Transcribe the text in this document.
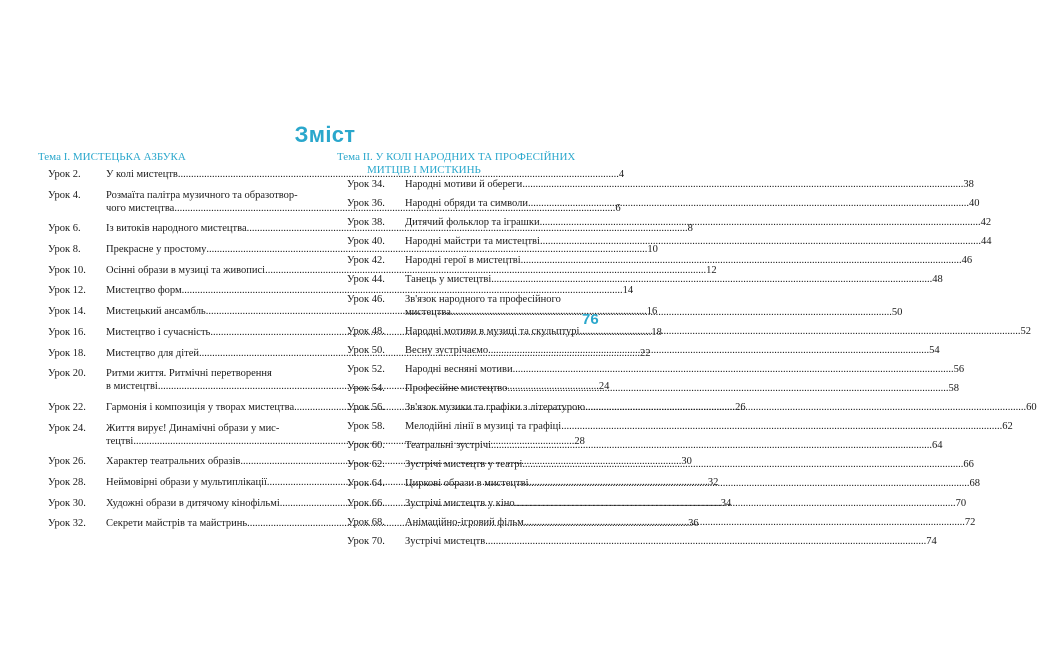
Зміст
Тема І. МИСТЕЦЬКА АЗБУКА	Тема ІІ. У КОЛІ НАРОДНИХ ТА ПРОФЕСІЙНИХ
МИТЦІВ І МИСТКИНЬ
Урок 2.	У колі мистецтв .....	4
Урок 4.	Розмаїта палітра музичного та образотвор-
чого мистецтва .....	6
Урок 6.	Із витоків народного мистецтва .....	8
Урок 8.	Прекрасне у простому .....	10
Урок 10.	Осінні образи в музиці та живописі .....	12
Урок 12.	Мистецтво форм .....	14
Урок 14.	Мистецький ансамбль .....	16
Урок 16.	Мистецтво і сучасність .....	18
Урок 18.	Мистецтво для дітей .....	22
Урок 20.	Ритми життя. Ритмічні перетворення
в мистецтві .....	24
Урок 22.	Гармонія і композиція у творах мистецтва .....	26
Урок 24.	Життя вирує! Динамічні образи у мис-
тецтві .....	28
Урок 26.	Характер театральних образів .....	30
Урок 28.	Неймовірні образи у мультиплікації .....	32
Урок 30.	Художні образи в дитячому кінофільмі .....	34
Урок 32.	Секрети майстрів та майстринь .....	36
Урок 34.	Народні мотиви й обереги .....	38
Урок 36.	Народні обряди та символи .....	40
Урок 38.	Дитячий фольклор та іграшки .....	42
Урок 40.	Народні майстри та мистецтві .....	44
Урок 42.	Народні герої в мистецтві .....	46
Урок 44.	Танець у мистецтві .....	48
Урок 46.	Зв'язок народного та професійного
мистецтва .....	50
Урок 48.	Народні мотиви в музиці та скульптурі .....	52
Урок 50.	Весну зустрічаємо .....	54
Урок 52.	Народні весняні мотиви .....	56
Урок 54.	Професійне мистецтво .....	58
Урок 56.	Зв'язок музики та графіки з літературою .....	60
Урок 58.	Мелодійні лінії в музиці та графіці .....	62
Урок 60.	Театральні зустрічі .....	64
Урок 62.	Зустрічі мистецтв у театрі .....	66
Урок 64.	Циркові образи в мистецтві .....	68
Урок 66.	Зустрічі мистецтв у кіно .....	70
Урок 68.	Анімаційно-ігровий фільм .....	72
Урок 70.	Зустрічі мистецтв .....	74
76
